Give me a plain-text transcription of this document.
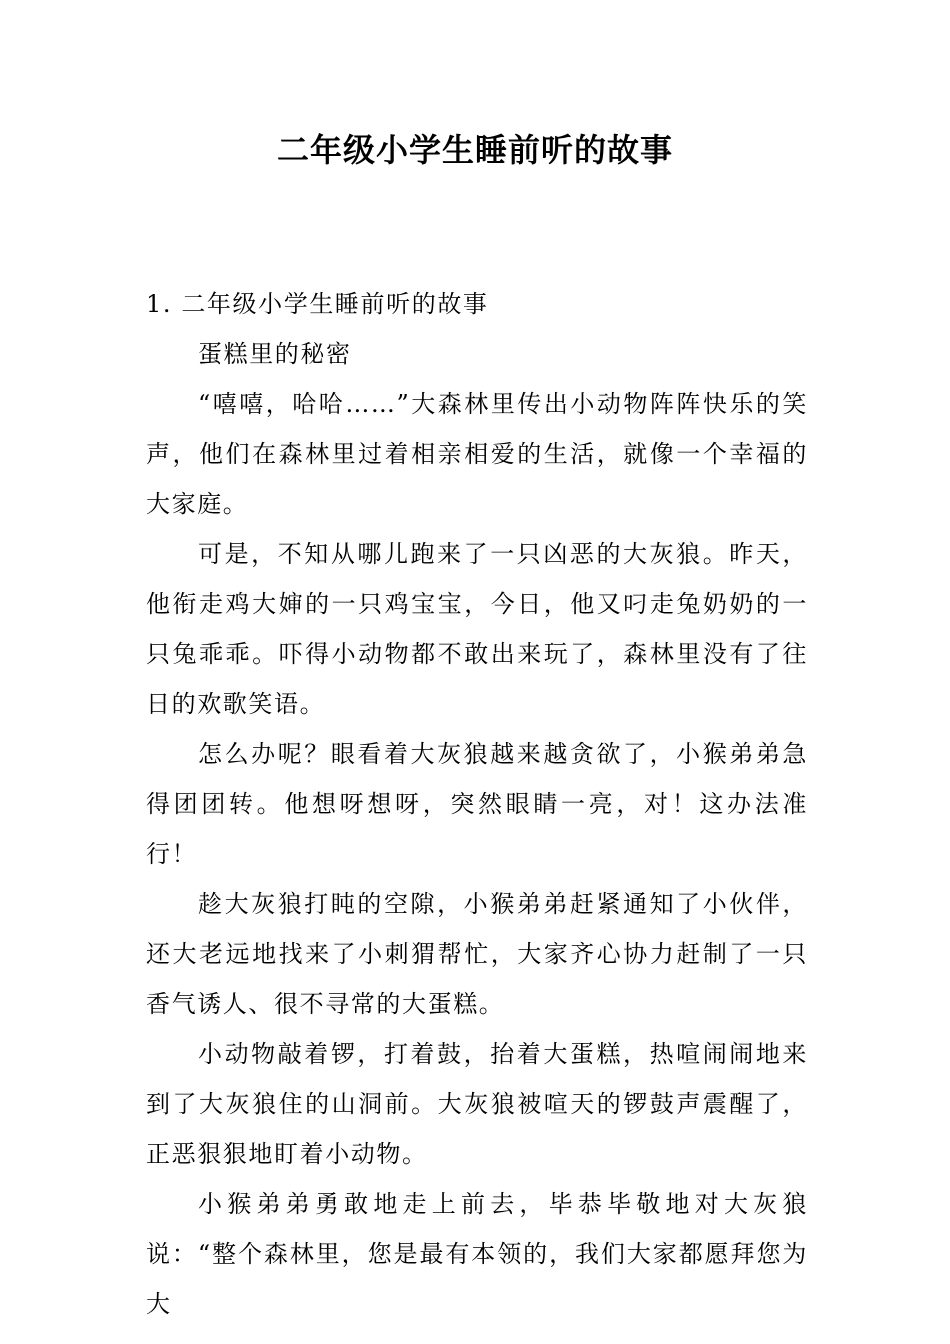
二年级小学生睡前听的故事

1. 二年级小学生睡前听的故事

蛋糕里的秘密

“嘻嘻，哈哈……”大森林里传出小动物阵阵快乐的笑声，他们在森林里过着相亲相爱的生活，就像一个幸福的大家庭。

可是，不知从哪儿跑来了一只凶恶的大灰狼。昨天，他衔走鸡大婶的一只鸡宝宝，今日，他又叼走兔奶奶的一只兔乖乖。吓得小动物都不敢出来玩了，森林里没有了往日的欢歌笑语。

怎么办呢？眼看着大灰狼越来越贪欲了，小猴弟弟急得团团转。他想呀想呀，突然眼睛一亮，对！这办法准行！

趁大灰狼打盹的空隙，小猴弟弟赶紧通知了小伙伴，还大老远地找来了小刺猬帮忙，大家齐心协力赶制了一只香气诱人、很不寻常的大蛋糕。

小动物敲着锣，打着鼓，抬着大蛋糕，热喧闹闹地来到了大灰狼住的山洞前。大灰狼被喧天的锣鼓声震醒了，正恶狠狠地盯着小动物。

小猴弟弟勇敢地走上前去，毕恭毕敬地对大灰狼说：“整个森林里，您是最有本领的，我们大家都愿拜您为大
